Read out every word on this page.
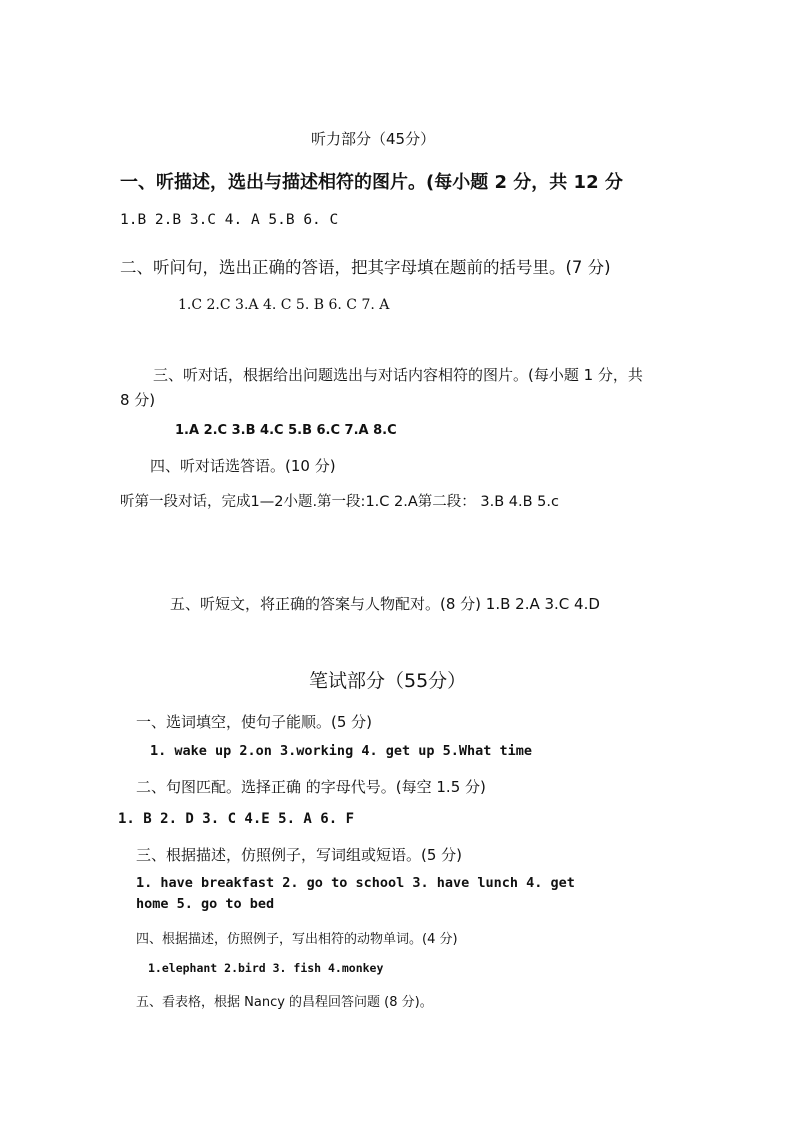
听力部分（45分）
一、听描述，选出与描述相符的图片。(每小题 2 分，共 12 分
1.B 2.B 3.C 4. A 5.B 6. C
二、听问句，选出正确的答语，把其字母填在题前的括号里。(7 分)
1.C 2.C 3.A 4. C 5. B 6. C 7. A
三、听对话，根据给出问题选出与对话内容相符的图片。(每小题 1 分，共
8 分)
1.A 2.C 3.B 4.C 5.B 6.C 7.A 8.C
四、听对话选答语。(10 分)
听第一段对话，完成1—2小题.第一段:1.C 2.A第二段： 3.B 4.B 5.c
五、听短文，将正确的答案与人物配对。(8 分) 1.B 2.A 3.C 4.D
笔试部分（55分）
一、选词填空，使句子能顺。(5 分)
1. wake up 2.on 3.working 4. get up 5.What time
二、句图匹配。选择正确 的字母代号。(每空 1.5 分)
1. B 2. D 3. C 4.E 5. A 6. F
三、根据描述，仿照例子，写词组或短语。(5 分)
1. have breakfast 2. go to school 3. have lunch 4. get
home 5. go to bed
四、根据描述，仿照例子，写出相符的动物单词。(4 分)
1.elephant 2.bird 3. fish 4.monkey
五、看表格，根据 Nancy 的昌程回答问题 (8 分)。
